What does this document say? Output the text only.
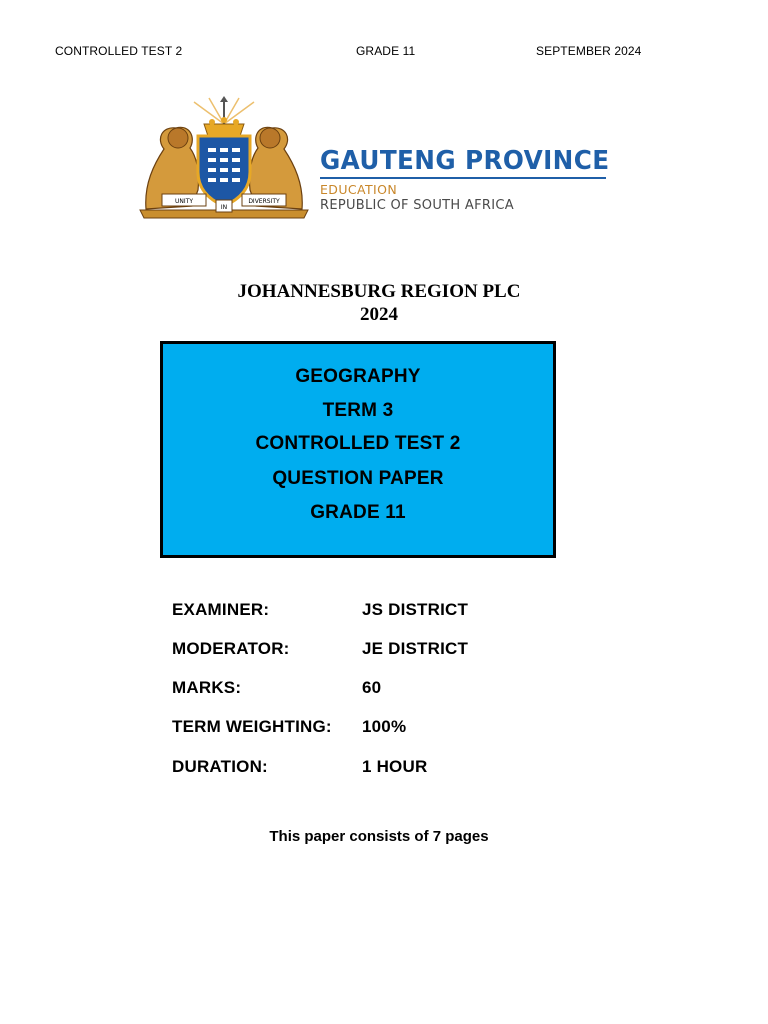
CONTROLLED TEST 2	GRADE 11	SEPTEMBER 2024
UNITY
IN
DIVERSITY
GAUTENG PROVINCE
EDUCATION
REPUBLIC OF SOUTH AFRICA
JOHANNESBURG REGION PLC
2024
GEOGRAPHY
TERM 3
CONTROLLED TEST 2
QUESTION PAPER
GRADE 11
EXAMINER:	JS DISTRICT
MODERATOR:	JE DISTRICT
MARKS:	60
TERM WEIGHTING: 100%
DURATION:	1 HOUR
This paper consists of 7 pages
